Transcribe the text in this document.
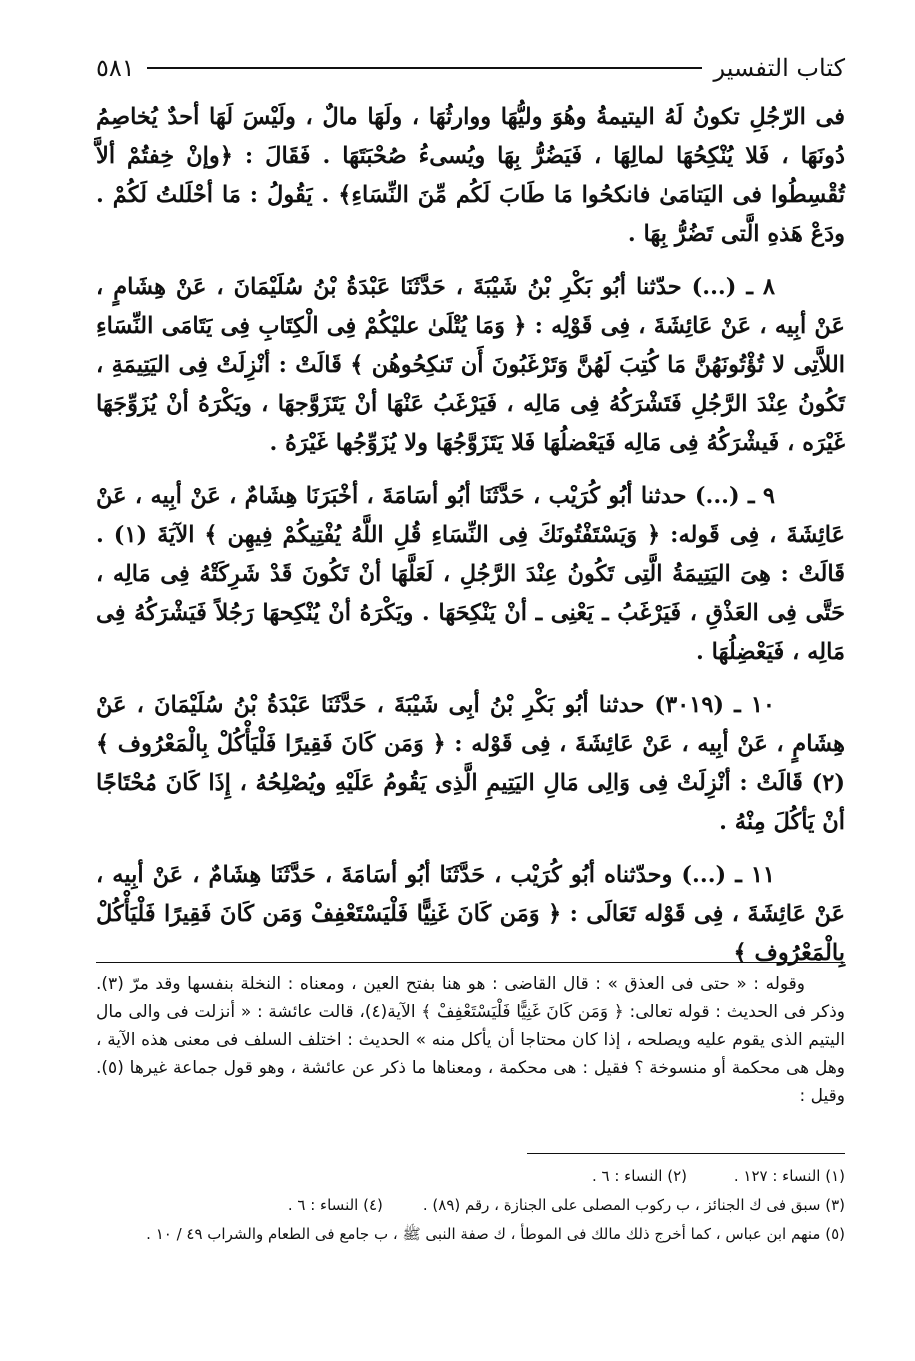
كتاب التفسير
٥٨١

فى الرّجُلِ تكونُ لَهُ اليتيمةُ وهُوَ وليُّهَا ووارثُهَا ، ولَهَا مالٌ ، ولَيْسَ لَهَا أحدٌ يُخاصِمُ دُونَهَا ، فَلا يُنْكِحُهَا لمالِهَا ، فَيَضُرُّ بِهَا ويُسىءُ صُحْبَتَهَا . فَقَالَ : ﴿وإنْ خِفتُمْ ألاَّ تُقْسِطُوا فى اليَتامَىٰ فانكحُوا مَا طَابَ لَكُم مِّنَ النِّسَاءِ﴾ . يَقُولُ : مَا أحْلَلتُ لَكُمْ . ودَعْ هَذهِ الَّتى تَضُرُّ بِهَا .

٨ ـ (...) حدّثنا أبُو بَكْرِ بْنُ شَيْبَةَ ، حَدَّثَنَا عَبْدَةُ بْنُ سُلَيْمَانَ ، عَنْ هِشَامٍ ، عَنْ أبِيه ، عَنْ عَائِشَةَ ، فِى قَوْلِه : ﴿ وَمَا يُتْلَىٰ عليْكُمْ فِى الْكِتَابِ فِى يَتَامَى النِّسَاءِ اللاَّتِى لا تُؤْتُونَهُنَّ مَا كُتِبَ لَهُنَّ وَتَرْغَبُونَ أَن تَنكِحُوهُن ﴾ قَالَتْ : أنْزِلَتْ فِى اليَتِيمَةِ ، تَكُونُ عِنْدَ الرَّجُلِ فَتَشْرَكُهُ فِى مَالِه ، فَيَرْغَبُ عَنْهَا أنْ يَتَزَوَّجهَا ، ويَكْرَهُ أنْ يُزَوِّجَهَا غَيْرَه ، فَيشْرَكُهُ فِى مَالِه فَيَعْضلُهَا فَلا يَتَزَوَّجُهَا ولا يُزَوِّجُها غَيْرَهُ .

٩ ـ (...) حدثنا أبُو كُرَيْب ، حَدَّثَنَا أبُو أسَامَةَ ، أخْبَرَنَا هِشَامٌ ، عَنْ أبِيه ، عَنْ عَائِشَةَ ، فِى قَوله: ﴿ وَيَسْتَفْتُونَكَ فِى النِّسَاءِ قُلِ اللَّهُ يُفْتِيكُمْ فِيهِن ﴾ الآيَةَ (١) . قَالَتْ : هِىَ اليَتِيمَةُ الَّتِى تَكُونُ عِنْدَ الرَّجُلِ ، لَعَلَّهَا أنْ تَكُونَ قَدْ شَرِكَتْهُ فِى مَالِه ، حَتَّى فِى العَذْقِ ، فَيَرْغَبُ ـ يَعْنِى ـ أنْ يَنْكِحَهَا . ويَكْرَهُ أنْ يُنْكِحهَا رَجُلاً فَيَشْرَكُهُ فِى مَالِه ، فَيَعْضِلُهَا .

١٠ ـ (٣٠١٩) حدثنا أبُو بَكْرِ بْنُ أبِى شَيْبَةَ ، حَدَّثَنَا عَبْدَةُ بْنُ سُلَيْمَانَ ، عَنْ هِشَامٍ ، عَنْ أبِيه ، عَنْ عَائِشَةَ ، فِى قَوْله : ﴿ وَمَن كَانَ فَقِيرًا فَلْيَأْكُلْ بِالْمَعْرُوف ﴾(٢) قَالَتْ : أنْزِلَتْ فِى وَالِى مَالِ اليَتِيمِ الَّذِى يَقُومُ عَلَيْهِ ويُصْلِحُهُ ، إِذَا كَانَ مُحْتَاجًا أنْ يَأكُلَ مِنْهُ .

١١ ـ (...) وحدّثناه أبُو كُرَيْب ، حَدَّثَنَا أبُو أسَامَةَ ، حَدَّثَنَا هِشَامٌ ، عَنْ أبِيه ، عَنْ عَائِشَةَ ، فِى قَوْله تَعَالَى : ﴿ وَمَن كَانَ غَنِيًّا فَلْيَسْتَعْفِفْ وَمَن كَانَ فَقِيرًا فَلْيَأْكُلْ بِالْمَعْرُوف ﴾

وقوله : « حتى فى العذق » : قال القاضى : هو هنا بفتح العين ، ومعناه : النخلة بنفسها وقد مرّ (٣). وذكر فى الحديث : قوله تعالى: ﴿ وَمَن كَانَ غَنِيًّا فَلْيَسْتَعْفِفْ ﴾ الآية(٤)، قالت عائشة : « أنزلت فى والى مال اليتيم الذى يقوم عليه ويصلحه ، إذا كان محتاجا أن يأكل منه » الحديث : اختلف السلف فى معنى هذه الآية ، وهل هى محكمة أو منسوخة ؟ فقيل : هى محكمة ، ومعناها ما ذكر عن عائشة ، وهو قول جماعة غيرها (٥). وقيل :

(١) النساء : ١٢٧ .
(٢) النساء : ٦ .
(٣) سبق فى ك الجنائز ، ب ركوب المصلى على الجنازة ، رقم (٨٩) .
(٤) النساء : ٦ .
(٥) منهم ابن عباس ، كما أخرج ذلك مالك فى الموطأ ، ك صفة النبى ﷺ ، ب جامع فى الطعام والشراب ٤٩ / ١٠ .
